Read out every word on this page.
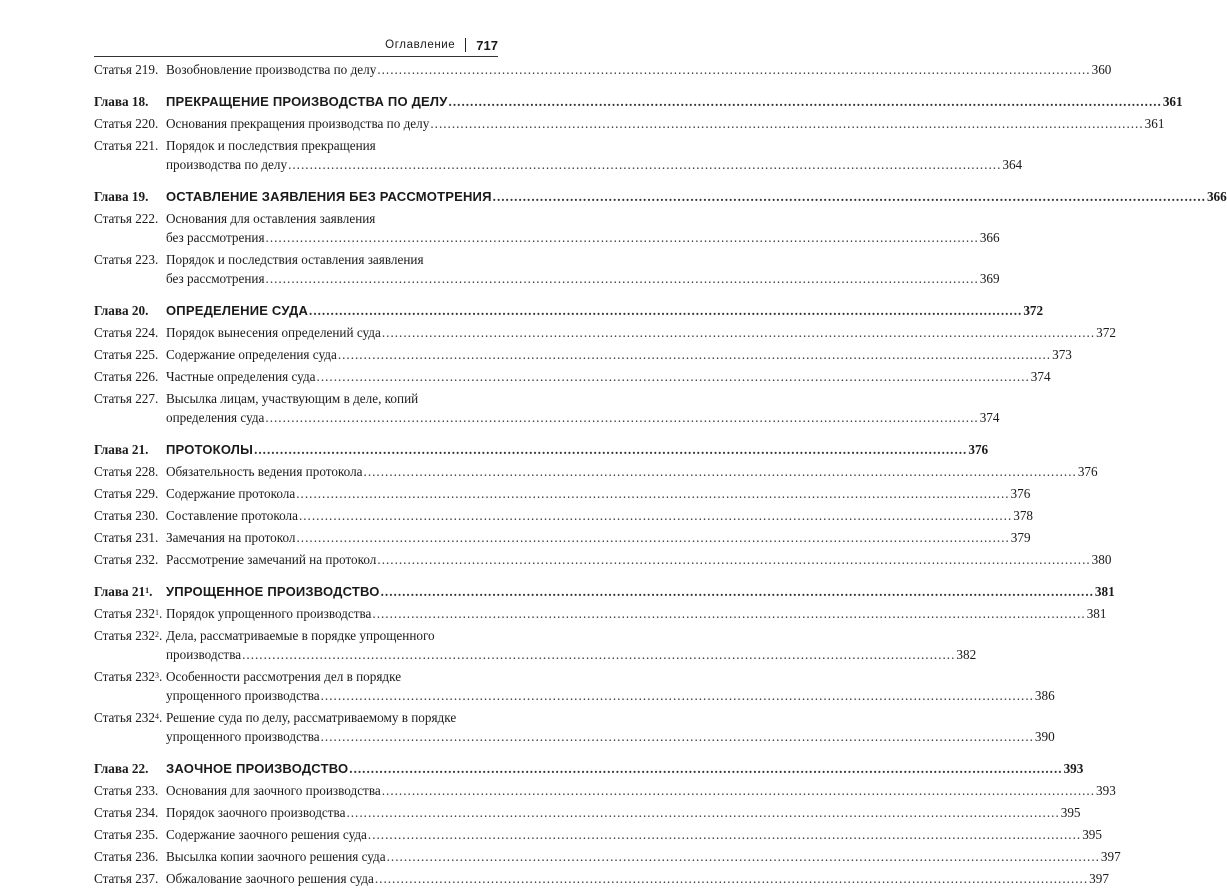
Оглавление 717
Статья 219. Возобновление производства по делу .....	360
Глава 18.	ПРЕКРАЩЕНИЕ ПРОИЗВОДСТВА ПО ДЕЛУ .....	361
Статья 220. Основания прекращения производства по делу .....	361
Статья 221. Порядок и последствия прекращения
производства по делу .....	364
Глава 19.	ОСТАВЛЕНИЕ ЗАЯВЛЕНИЯ БЕЗ РАССМОТРЕНИЯ .....	366
Статья 222. Основания для оставления заявления
без рассмотрения .....	366
Статья 223. Порядок и последствия оставления заявления
без рассмотрения .....	369
Глава 20.	ОПРЕДЕЛЕНИЕ СУДА .....	372
Статья 224. Порядок вынесения определений суда .....	372
Статья 225. Содержание определения суда .....	373
Статья 226. Частные определения суда .....	374
Статья 227. Высылка лицам, участвующим в деле, копий
определения суда .....	374
Глава 21.	ПРОТОКОЛЫ .....	376
Статья 228. Обязательность ведения протокола .....	376
Статья 229. Содержание протокола .....	376
Статья 230. Составление протокола .....	378
Статья 231. Замечания на протокол .....	379
Статья 232. Рассмотрение замечаний на протокол .....	380
Глава $21^1$.	УПРОЩЕННОЕ ПРОИЗВОДСТВО .....	381
Статья $232^1$. Порядок упрощенного производства .....	381
Статья $232^2$. Дела, рассматриваемые в порядке упрощенного
производства .....	382
Статья $232^3$. Особенности рассмотрения дел в порядке
упрощенного производства .....	386
Статья $232^4$. Решение суда по делу, рассматриваемому в порядке
упрощенного производства .....	390
Глава 22.	ЗАОЧНОЕ ПРОИЗВОДСТВО .....	393
Статья 233. Основания для заочного производства .....	393
Статья 234. Порядок заочного производства .....	395
Статья 235. Содержание заочного решения суда .....	395
Статья 236. Высылка копии заочного решения суда .....	397
Статья 237. Обжалование заочного решения суда .....	397
